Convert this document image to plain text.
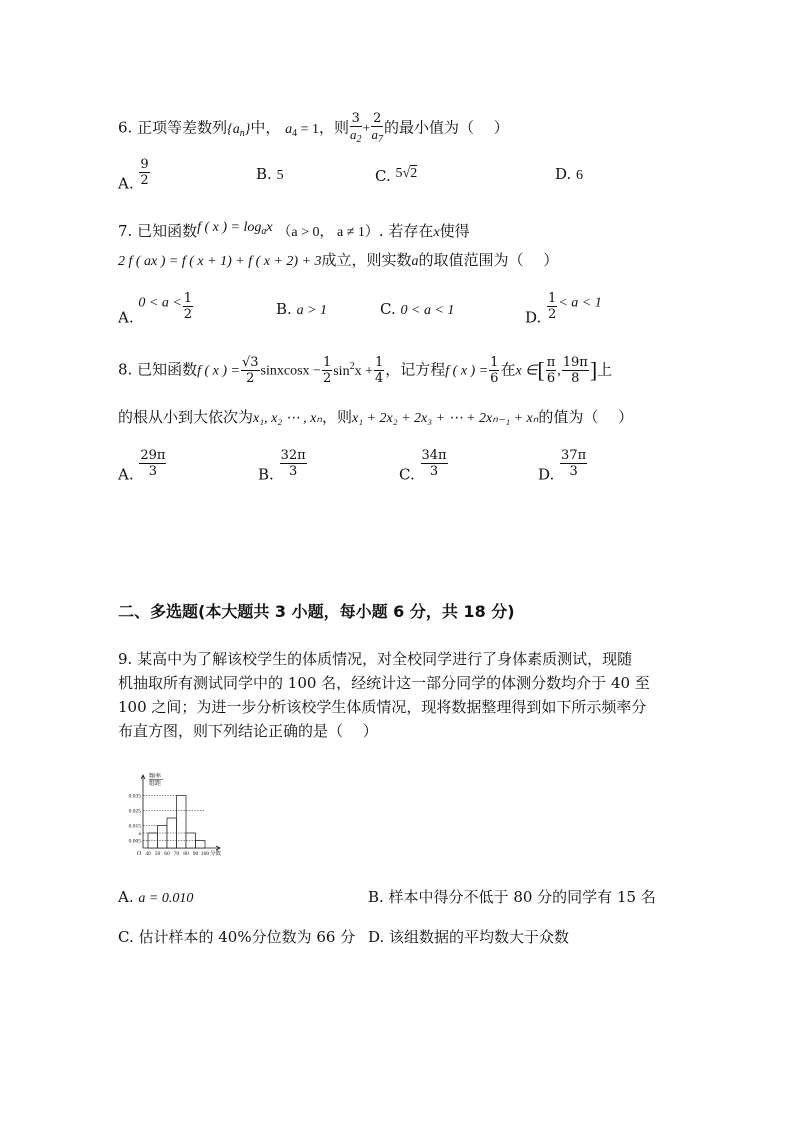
6. 正项等差数列$\{a_n\}$中， $a_4 = 1$，则 $\frac{3}{a_2} + \frac{2}{a_7}$ 的最小值为（　 ）
A. $\frac{9}{2}$	B. 5	C. 5√2	D. 6
7. 已知函数f ( x ) = $\log_ax$ （a > 0， a ≠ 1）. 若存在x使得
2 f ( ax ) = f ( x + 1) + f ( x + 2) + 3成立，则实数a的取值范围为（　 ）
A. $0 < a < \frac{1}{2}$	B. a > 1	C. 0 < a < 1	D. $\frac{1}{2} < a < 1$
8. 已知函数f ( x ) = $\frac{√3}{2}$ sinxcosx − $\frac{1}{2} \sin^2x + \frac{1}{4}$ ，记方程f ( x ) = $\frac{1}{6}$ 在x ∈[ $\frac{\pi}{6}$ , $\frac{19\pi}{8}$ ]上
的根从小到大依次为x₁, x₂ ⋯ , xₙ，则x₁ + 2x₂ + 2x₃ + ⋯ + 2xₙ₋₁ + xₙ的值为（　 ）
A. $\frac{29\pi}{3}$	B. $\frac{32\pi}{3}$	C. $\frac{34\pi}{3}$	D. $\frac{37\pi}{3}$
二、多选题(本大题共 3 小题，每小题 6 分，共 18 分)
9. 某高中为了解该校学生的体质情况，对全校同学进行了身体素质测试，现随
机抽取所有测试同学中的 100 名，经统计这一部分同学的体测分数均介于 40 至
100 之间；为进一步分析该校学生体质情况，现将数据整理得到如下所示频率分
布直方图，则下列结论正确的是（　 ）
频率
组距
0.035
0.025
0.015
a
0.005
40 50 60 70 80 90 100 分数
O
A. a = 0.010	B. 样本中得分不低于 80 分的同学有 15 名
C. 估计样本的 40%分位数为 66 分 D. 该组数据的平均数大于众数
